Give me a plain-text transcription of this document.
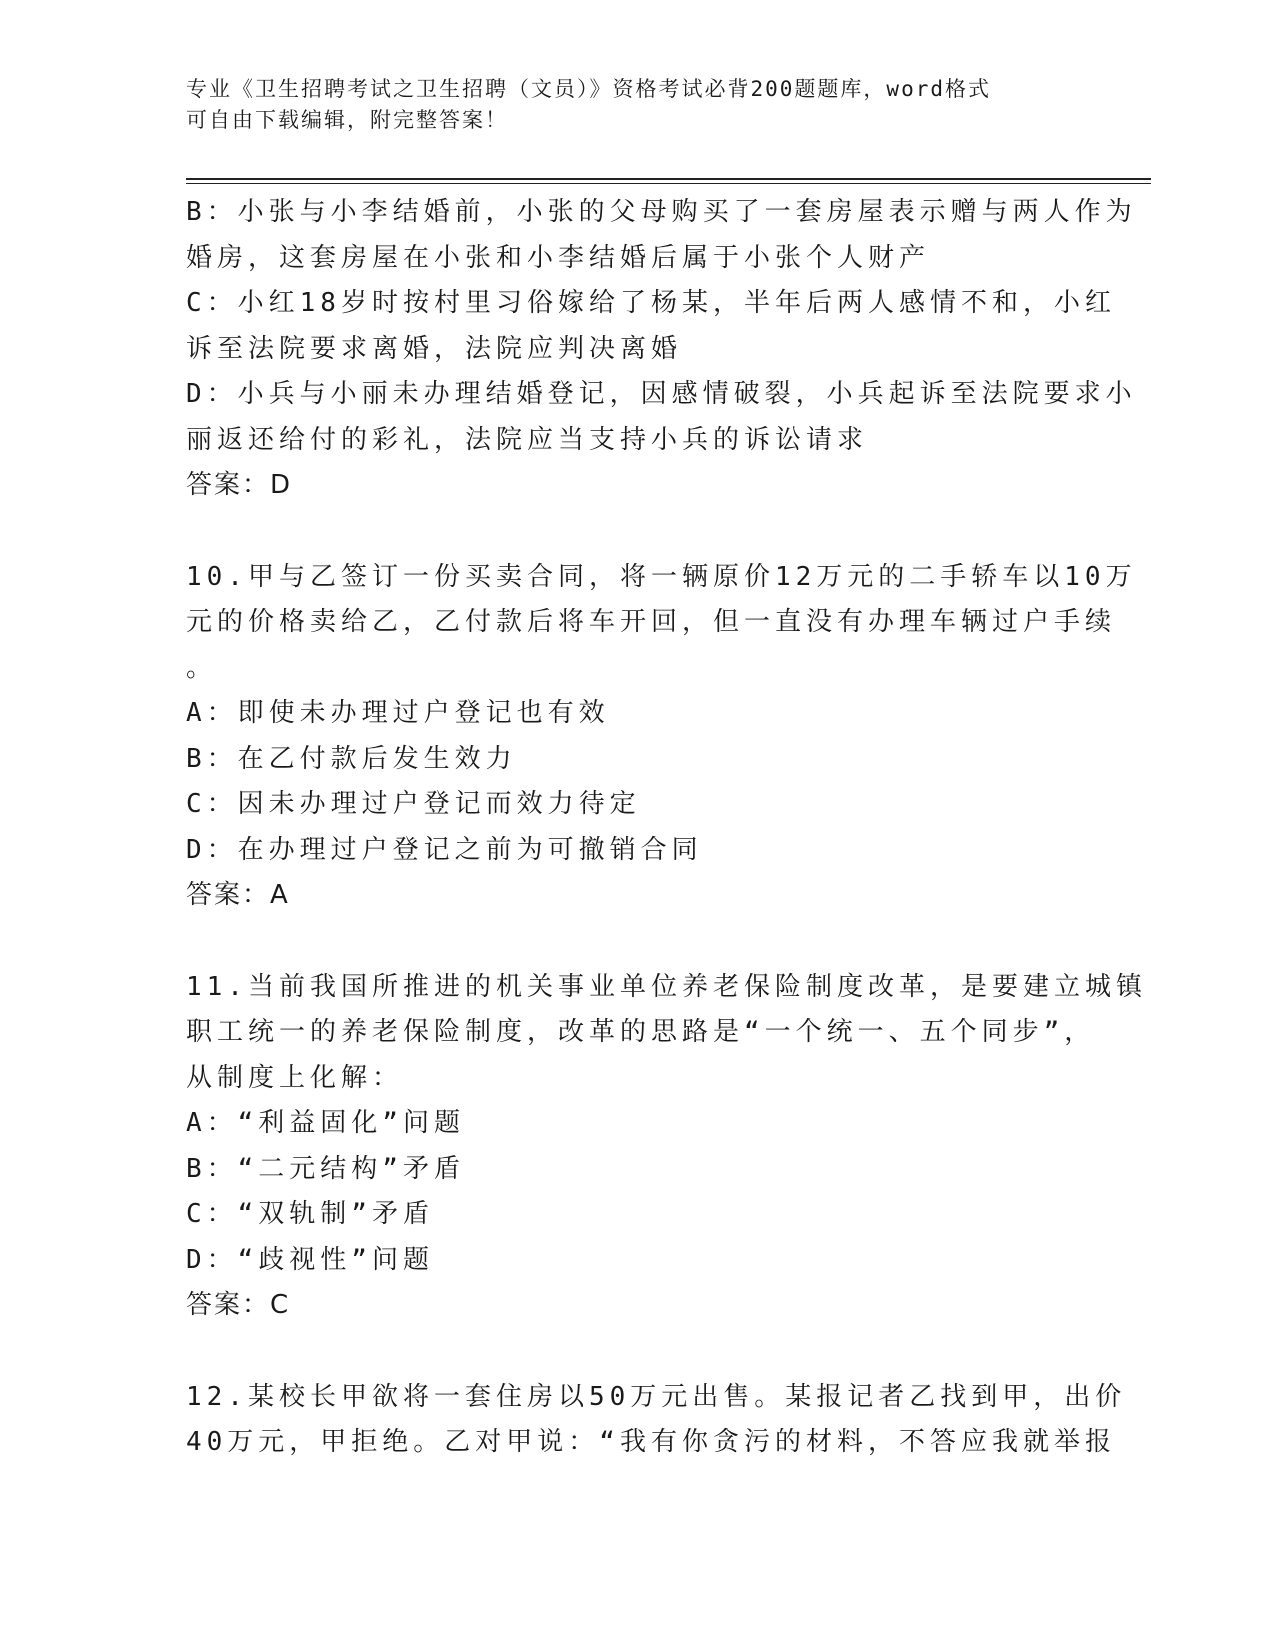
专业《卫生招聘考试之卫生招聘（文员）》资格考试必背200题题库，word格式
可自由下载编辑，附完整答案！
B：小张与小李结婚前，小张的父母购买了一套房屋表示赠与两人作为
婚房，这套房屋在小张和小李结婚后属于小张个人财产
C：小红18岁时按村里习俗嫁给了杨某，半年后两人感情不和，小红
诉至法院要求离婚，法院应判决离婚
D：小兵与小丽未办理结婚登记，因感情破裂，小兵起诉至法院要求小
丽返还给付的彩礼，法院应当支持小兵的诉讼请求
答案：D
10.甲与乙签订一份买卖合同，将一辆原价12万元的二手轿车以10万
元的价格卖给乙，乙付款后将车开回，但一直没有办理车辆过户手续
。
A：即使未办理过户登记也有效
B：在乙付款后发生效力
C：因未办理过户登记而效力待定
D：在办理过户登记之前为可撤销合同
答案：A
11.当前我国所推进的机关事业单位养老保险制度改革，是要建立城镇
职工统一的养老保险制度，改革的思路是“一个统一、五个同步”，
从制度上化解：
A：“利益固化”问题
B：“二元结构”矛盾
C：“双轨制”矛盾
D：“歧视性”问题
答案：C
12.某校长甲欲将一套住房以50万元出售。某报记者乙找到甲，出价
40万元，甲拒绝。乙对甲说：“我有你贪污的材料，不答应我就举报
